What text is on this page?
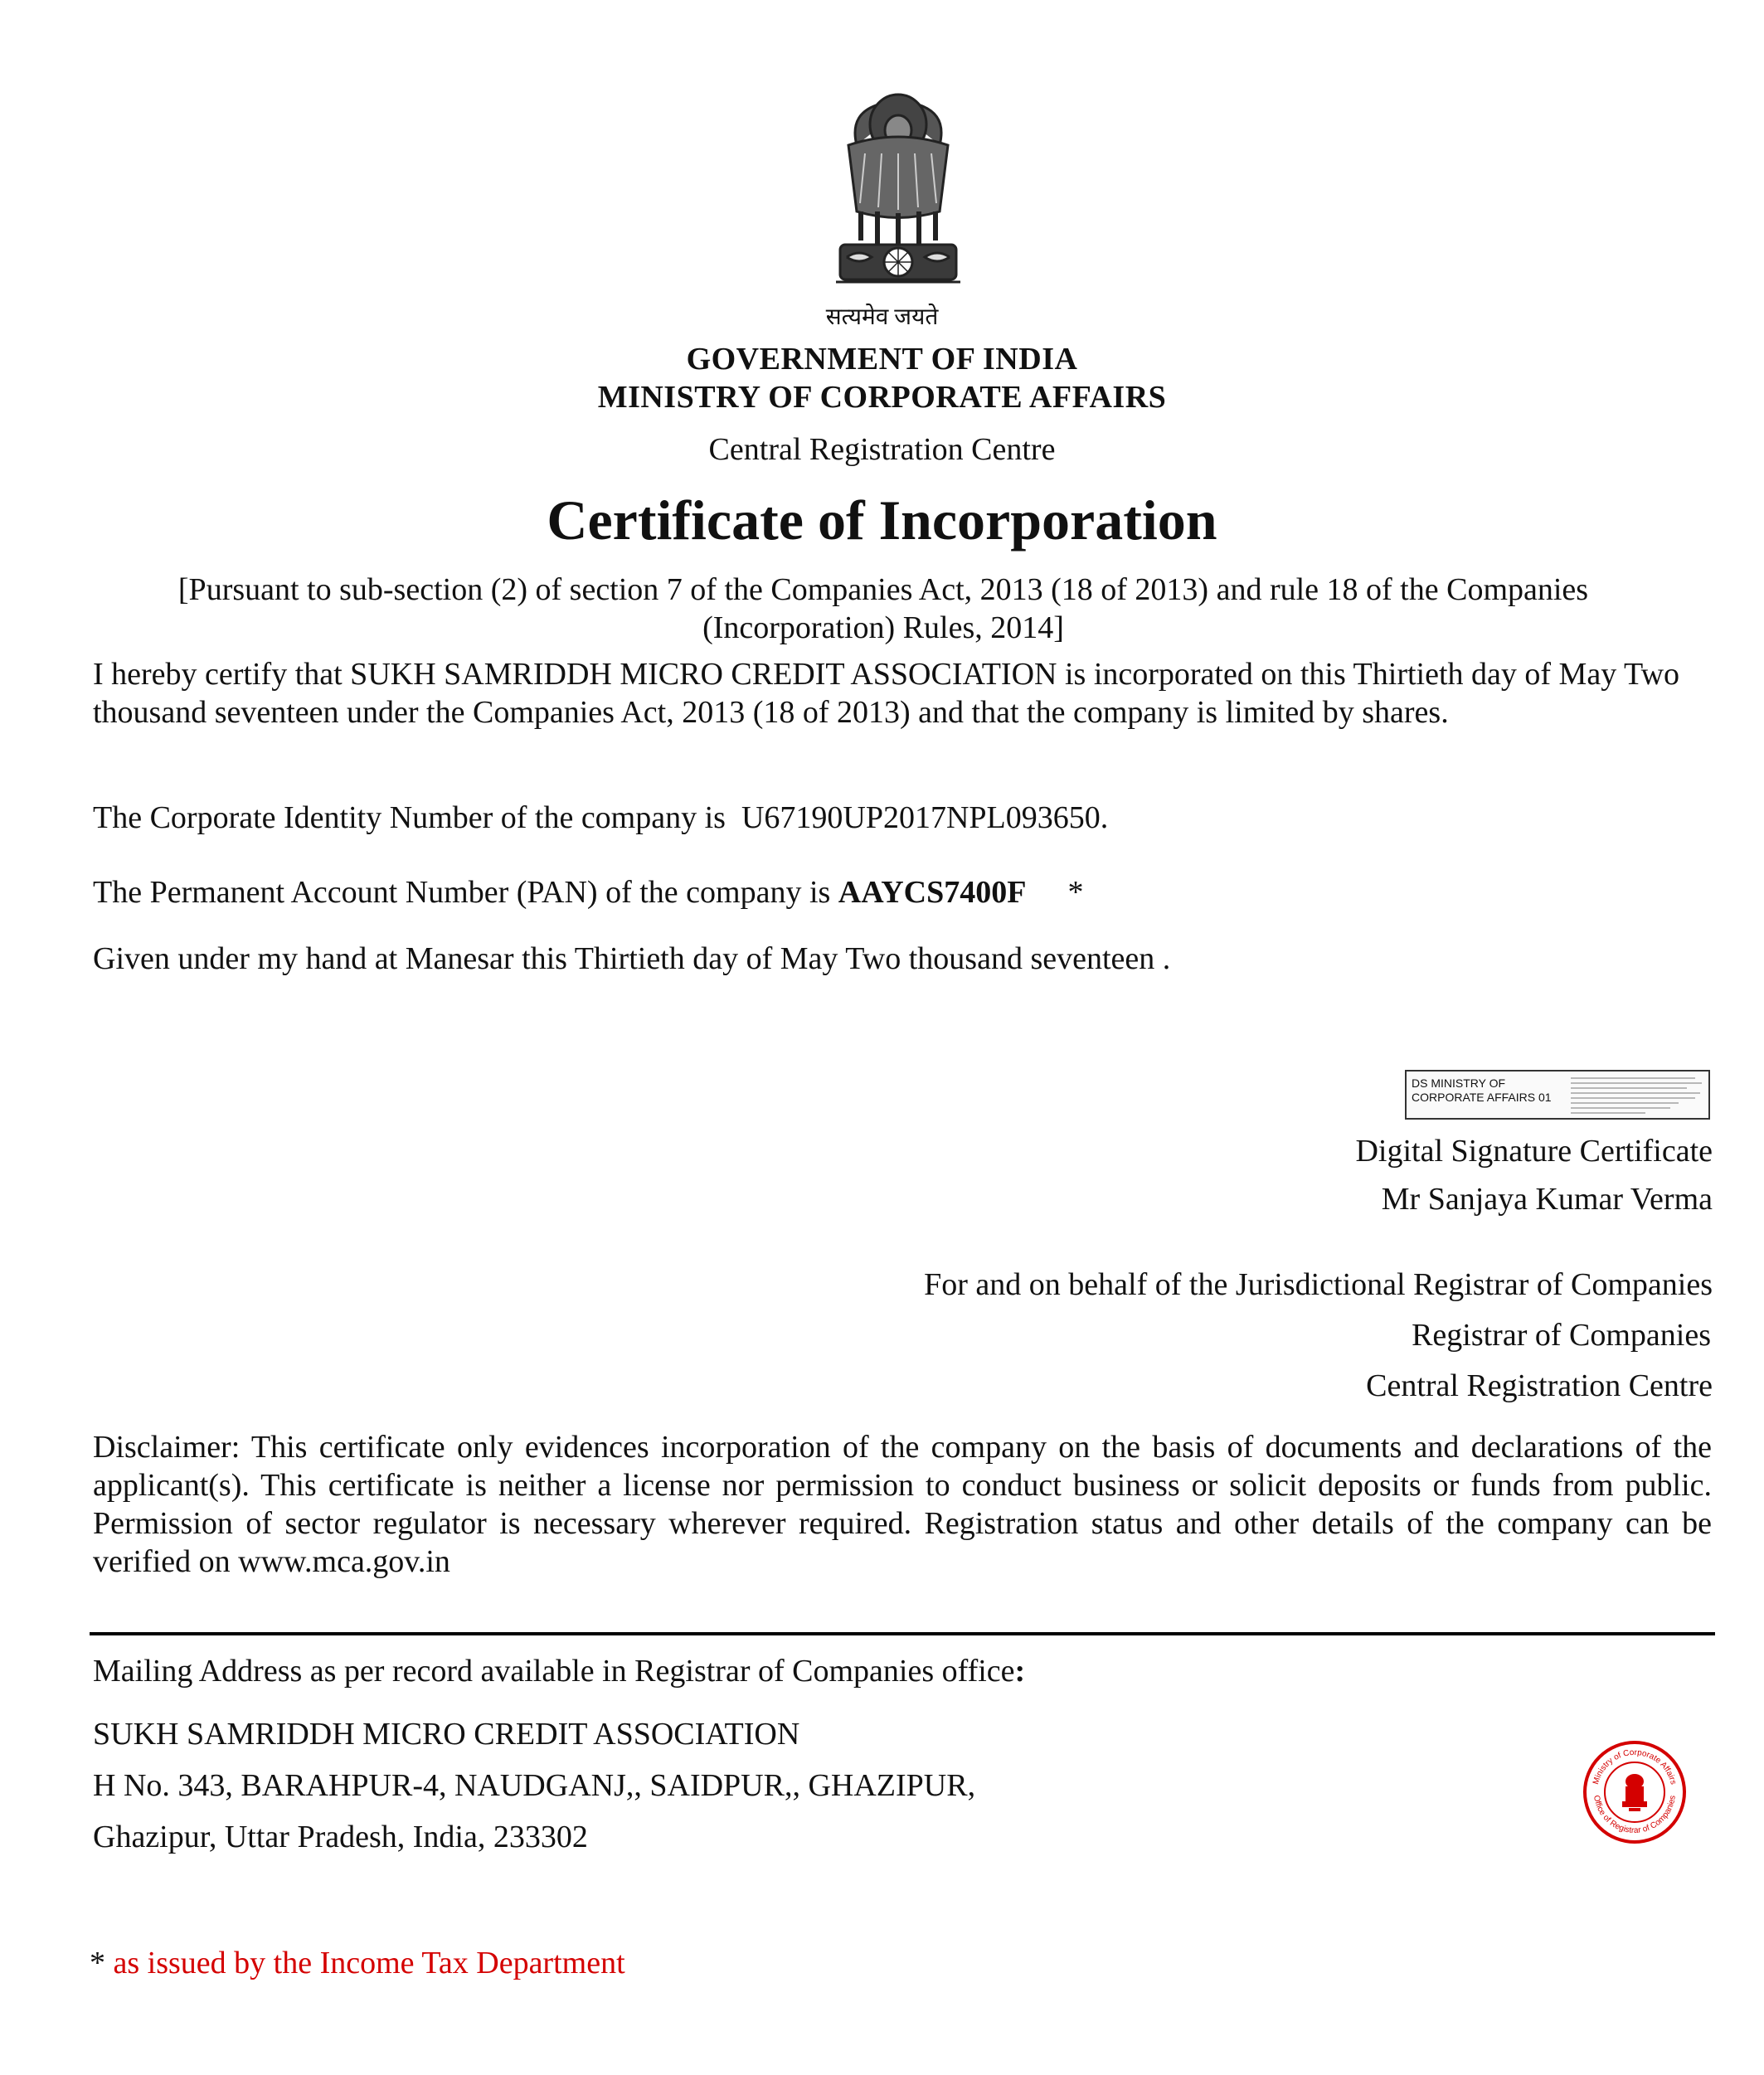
सत्यमेव जयते
GOVERNMENT OF INDIA
MINISTRY OF CORPORATE AFFAIRS
Central Registration Centre
Certificate of Incorporation
[Pursuant to sub-section (2) of section 7 of the Companies Act, 2013 (18 of 2013) and rule 18 of the Companies (Incorporation) Rules, 2014]
I hereby certify that SUKH SAMRIDDH MICRO CREDIT ASSOCIATION is incorporated on this Thirtieth day of May Two thousand seventeen under the Companies Act, 2013 (18 of 2013) and that the company is limited by shares.
The Corporate Identity Number of the company is U67190UP2017NPL093650.
The Permanent Account Number (PAN) of the company is AAYCS7400F *
Given under my hand at Manesar this Thirtieth day of May Two thousand seventeen .
DS MINISTRY OF
CORPORATE AFFAIRS 01
Digital Signature Certificate
Mr Sanjaya Kumar Verma
For and on behalf of the Jurisdictional Registrar of Companies
Registrar of Companies
Central Registration Centre
Disclaimer: This certificate only evidences incorporation of the company on the basis of documents and declarations of the applicant(s). This certificate is neither a license nor permission to conduct business or solicit deposits or funds from public. Permission of sector regulator is necessary wherever required. Registration status and other details of the company can be verified on www.mca.gov.in
Mailing Address as per record available in Registrar of Companies office:
SUKH SAMRIDDH MICRO CREDIT ASSOCIATION
H No. 343, BARAHPUR-4, NAUDGANJ,, SAIDPUR,, GHAZIPUR,
Ghazipur, Uttar Pradesh, India, 233302
Ministry of Corporate Affairs
Office of Registrar of Companies
* as issued by the Income Tax Department
